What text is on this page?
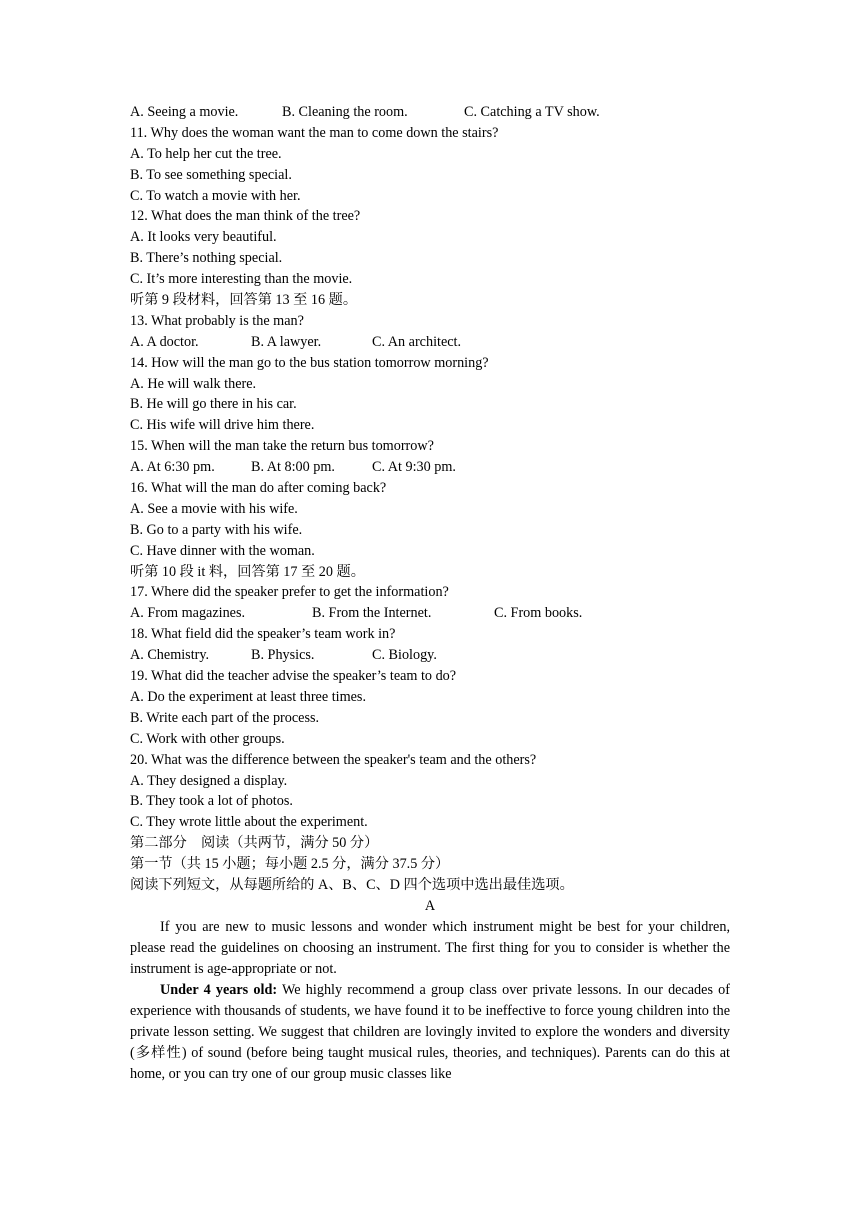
A. Seeing a movie.	B. Cleaning the room.	C. Catching a TV show.
11. Why does the woman want the man to come down the stairs?
A. To help her cut the tree.
B. To see something special.
C. To watch a movie with her.
12. What does the man think of the tree?
A. It looks very beautiful.
B. There’s nothing special.
C. It’s more interesting than the movie.
听第 9 段材料，回答第 13 至 16 题。
13. What probably is the man?
A. A doctor.	B. A lawyer.	C. An architect.
14. How will the man go to the bus station tomorrow morning?
A. He will walk there.
B. He will go there in his car.
C. His wife will drive him there.
15. When will the man take the return bus tomorrow?
A. At 6:30 pm.	B. At 8:00 pm.	C. At 9:30 pm.
16. What will the man do after coming back?
A. See a movie with his wife.
B. Go to a party with his wife.
C. Have dinner with the woman.
听第 10 段 it 料，回答第 17 至 20 题。
17. Where did the speaker prefer to get the information?
A. From magazines.	B. From the Internet.	C. From books.
18. What field did the speaker’s team work in?
A. Chemistry.	B. Physics.	C. Biology.
19. What did the teacher advise the speaker’s team to do?
A. Do the experiment at least three times.
B. Write each part of the process.
C. Work with other groups.
20. What was the difference between the speaker's team and the others?
A. They designed a display.
B. They took a lot of photos.
C. They wrote little about the experiment.
第二部分　阅读（共两节，满分 50 分）
第一节（共 15 小题；每小题 2.5 分，满分 37.5 分）
阅读下列短文，从每题所给的 A、B、C、D 四个选项中选出最佳选项。
A

If you are new to music lessons and wonder which instrument might be best for your children, please read the guidelines on choosing an instrument. The first thing for you to consider is whether the instrument is age-appropriate or not.

Under 4 years old: We highly recommend a group class over private lessons. In our decades of experience with thousands of students, we have found it to be ineffective to force young children into the private lesson setting. We suggest that children are lovingly invited to explore the wonders and diversity (多样性) of sound (before being taught musical rules, theories, and techniques). Parents can do this at home, or you can try one of our group music classes like
